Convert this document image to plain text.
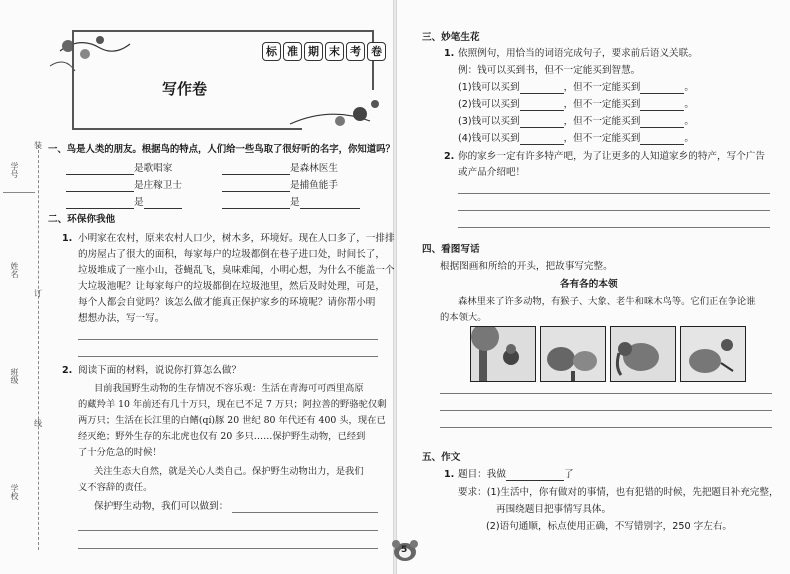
学号
装
姓名
订
班级
线
学校
标 准 期 末 考 卷
写作卷
一、鸟是人类的朋友。根据鸟的特点，人们给一些鸟取了很好听的名字，你知道吗？
是歌唱家	是森林医生
是庄稼卫士	是捕鱼能手
是	是
二、环保你我他
1. 小明家在农村，原来农村人口少，树木多，环境好。现在人口多了，一排排
的房屋占了很大的面积，每家每户的垃圾都倒在巷子进口处，时间长了，
垃圾堆成了一座小山，苍蝇乱飞，臭味难闻，小明心想，为什么不能盖一个
大垃圾池呢？让每家每户的垃圾都倒在垃圾池里，然后及时处理，可是，
每个人都会自觉吗？该怎么做才能真正保护家乡的环境呢？请你帮小明
想想办法，写一写。
2. 阅读下面的材料，说说你打算怎么做？
目前我国野生动物的生存情况不容乐观：生活在青海可可西里高原
的藏羚羊 10 年前还有几十万只，现在已不足 7 万只；阿拉善的野骆驼仅剩
两万只；生活在长江里的白鳍(qí)豚 20 世纪 80 年代还有 400 头，现在已
经灭绝；野外生存的东北虎也仅有 20 多只……保护野生动物，已经到
了十分危急的时候！
关注生态大自然，就是关心人类自己。保护野生动物出力，是我们
义不容辞的责任。
保护野生动物，我们可以做到：
三、妙笔生花
1. 依照例句，用恰当的词语完成句子，要求前后语义关联。
例：钱可以买到书，但不一定能买到智慧。
(1)钱可以买到	，但不一定能买到	。
(2)钱可以买到	，但不一定能买到	。
(3)钱可以买到	，但不一定能买到	。
(4)钱可以买到	，但不一定能买到	。
2. 你的家乡一定有许多特产吧，为了让更多的人知道家乡的特产，写个广告
或产品介绍吧！
四、看图写话
根据图画和所给的开头，把故事写完整。
各有各的本领
森林里来了许多动物，有猴子、大象、老牛和咪木鸟等。它们正在争论谁
的本领大。
五、作文
1. 题目：我做	了
要求：(1)生活中，你有做对的事情，也有犯错的时候，先把题目补充完整，
再围绕题目把事情写具体。
(2)语句通顺，标点使用正确，不写错别字，250 字左右。
5
